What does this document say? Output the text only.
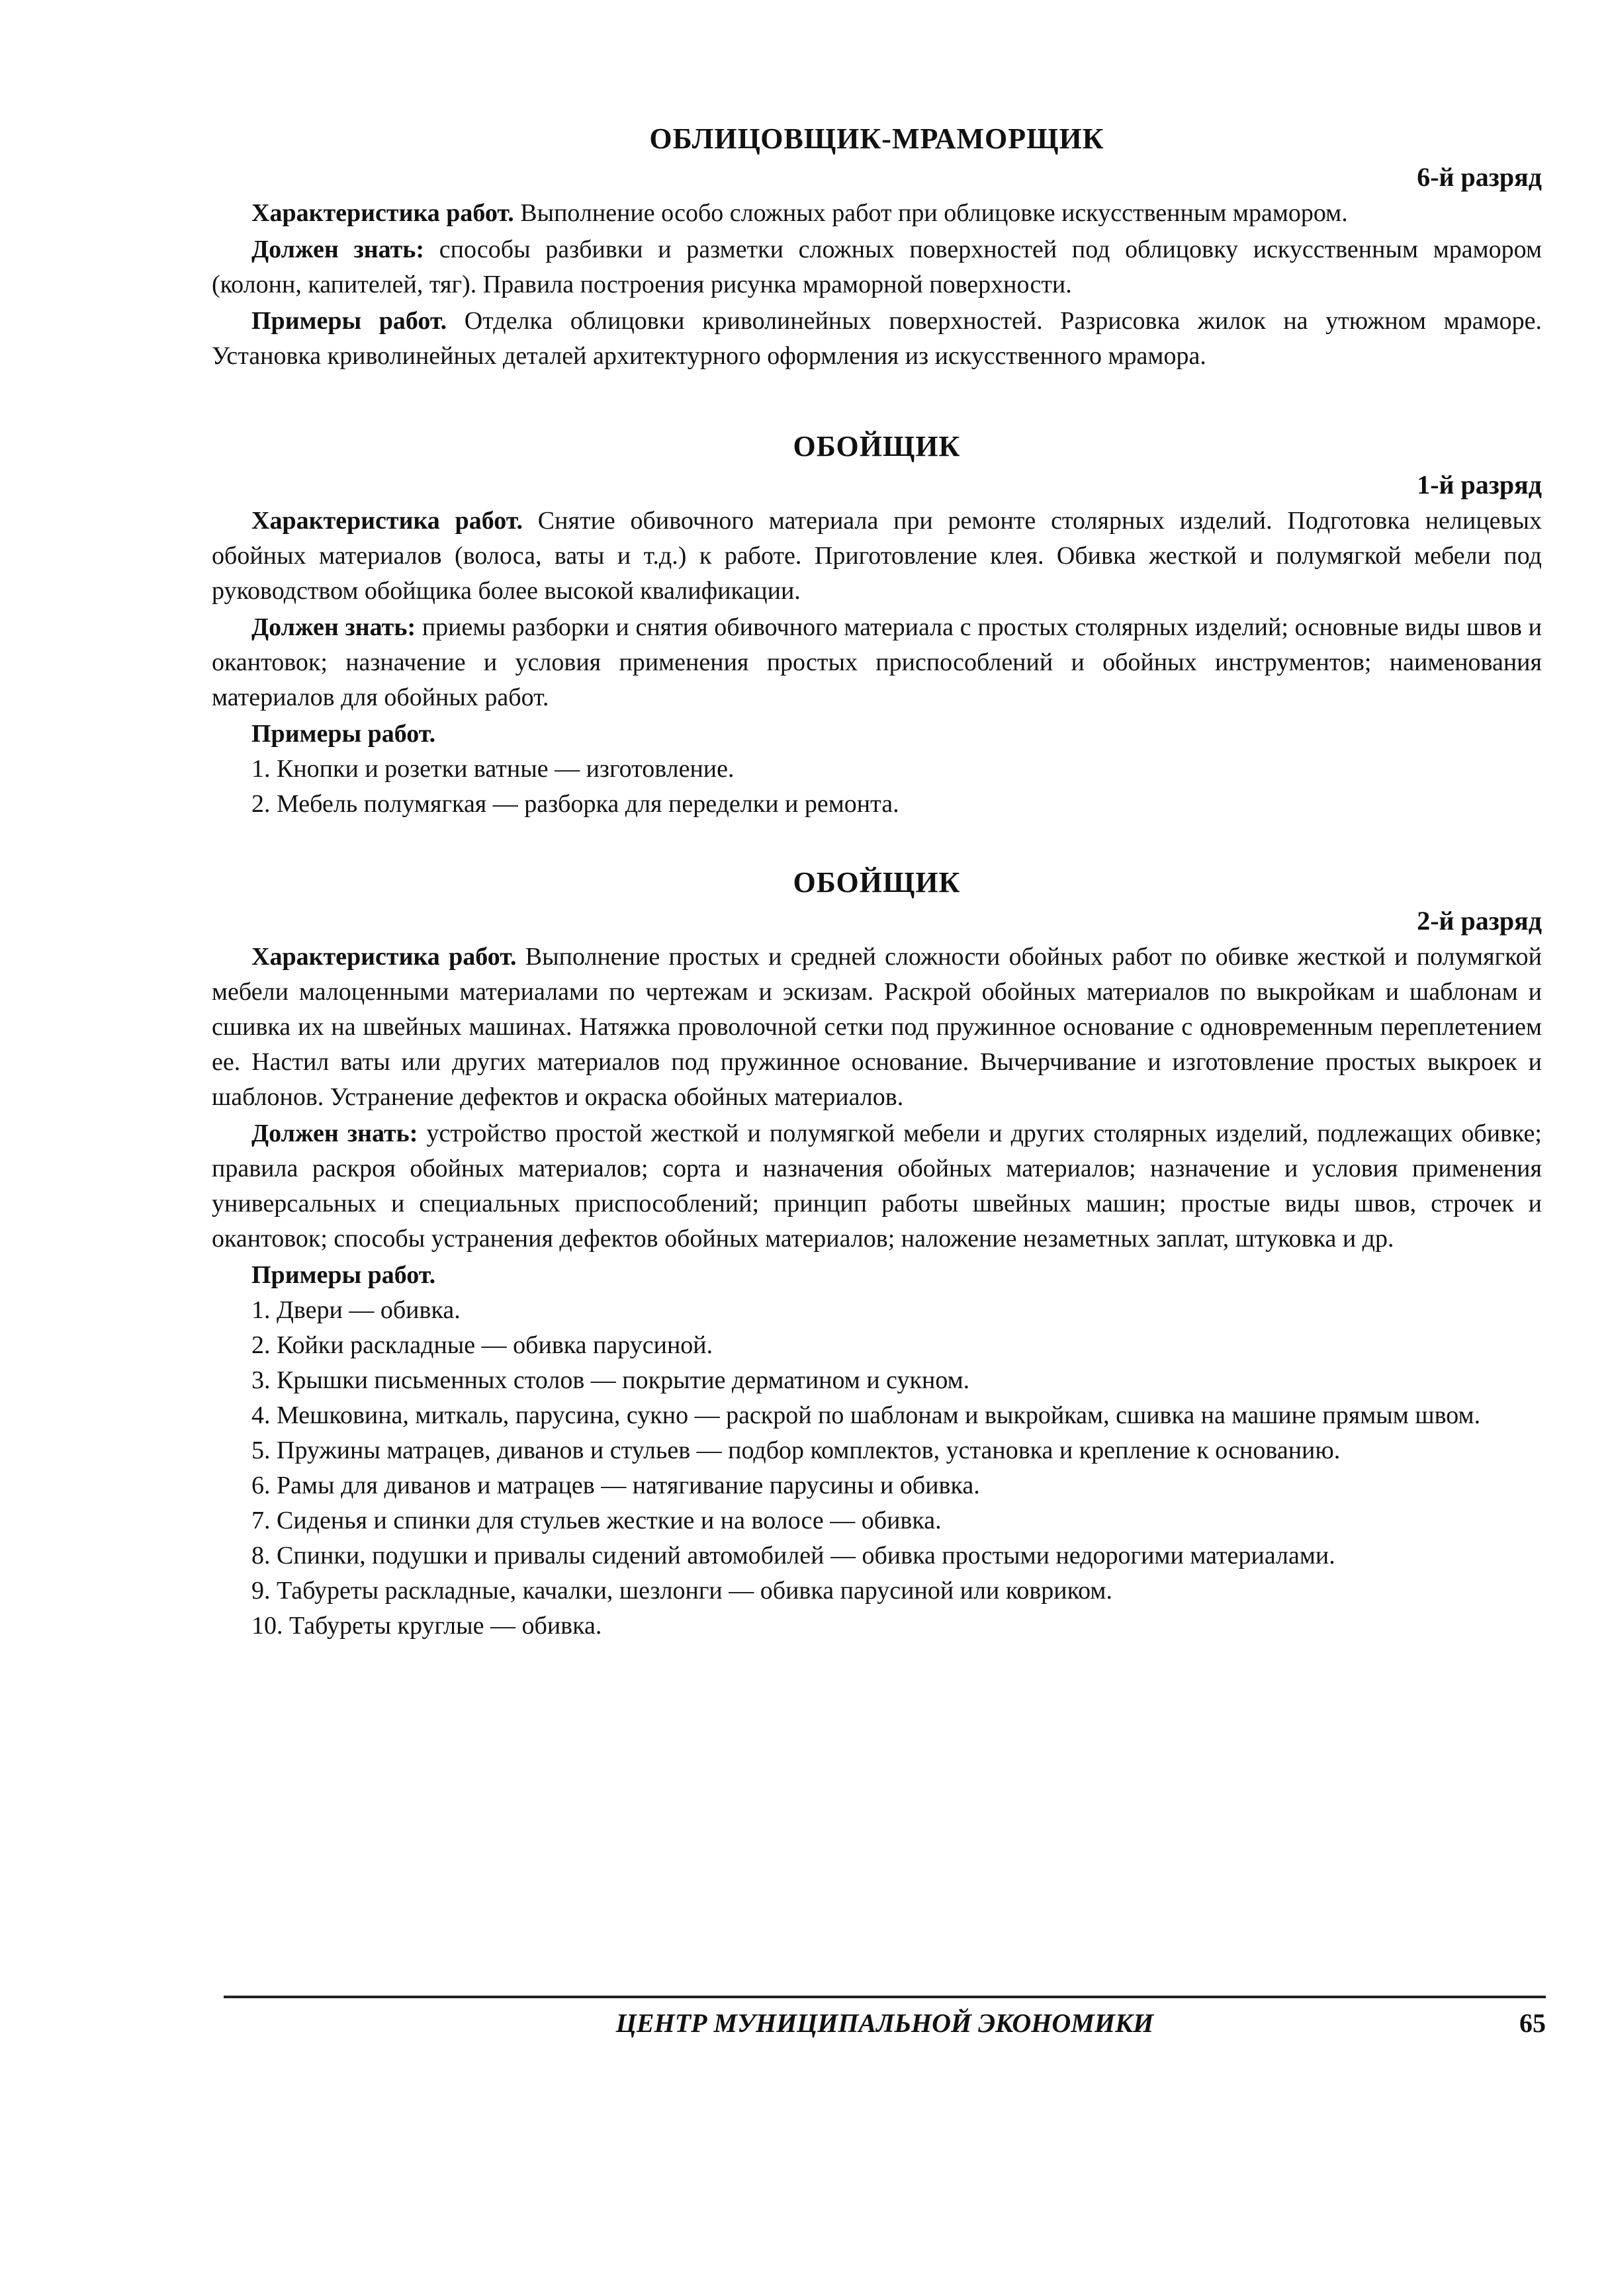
ОБЛИЦОВЩИК-МРАМОРЩИК

6-й разряд

Характеристика работ. Выполнение особо сложных работ при облицовке искусственным мрамором.

Должен знать: способы разбивки и разметки сложных поверхностей под облицовку искусственным мрамором (колонн, капителей, тяг). Правила построения рисунка мраморной поверхности.

Примеры работ. Отделка облицовки криволинейных поверхностей. Разрисовка жилок на утюжном мраморе. Установка криволинейных деталей архитектурного оформления из искусственного мрамора.

ОБОЙЩИК

1-й разряд

Характеристика работ. Снятие обивочного материала при ремонте столярных изделий. Подготовка нелицевых обойных материалов (волоса, ваты и т.д.) к работе. Приготовление клея. Обивка жесткой и полумягкой мебели под руководством обойщика более высокой квалификации.

Должен знать: приемы разборки и снятия обивочного материала с простых столярных изделий; основные виды швов и окантовок; назначение и условия применения простых приспособлений и обойных инструментов; наименования материалов для обойных работ.

Примеры работ.

1. Кнопки и розетки ватные — изготовление.
2. Мебель полумягкая — разборка для переделки и ремонта.

ОБОЙЩИК

2-й разряд

Характеристика работ. Выполнение простых и средней сложности обойных работ по обивке жесткой и полумягкой мебели малоценными материалами по чертежам и эскизам. Раскрой обойных материалов по выкройкам и шаблонам и сшивка их на швейных машинах. Натяжка проволочной сетки под пружинное основание с одновременным переплетением ее. Настил ваты или других материалов под пружинное основание. Вычерчивание и изготовление простых выкроек и шаблонов. Устранение дефектов и окраска обойных материалов.

Должен знать: устройство простой жесткой и полумягкой мебели и других столярных изделий, подлежащих обивке; правила раскроя обойных материалов; сорта и назначения обойных материалов; назначение и условия применения универсальных и специальных приспособлений; принцип работы швейных машин; простые виды швов, строчек и окантовок; способы устранения дефектов обойных материалов; наложение незаметных заплат, штуковка и др.

Примеры работ.

1. Двери — обивка.
2. Койки раскладные — обивка парусиной.
3. Крышки письменных столов — покрытие дерматином и сукном.
4. Мешковина, миткаль, парусина, сукно — раскрой по шаблонам и выкройкам, сшивка на машине прямым швом.
5. Пружины матрацев, диванов и стульев — подбор комплектов, установка и крепление к основанию.
6. Рамы для диванов и матрацев — натягивание парусины и обивка.
7. Сиденья и спинки для стульев жесткие и на волосе — обивка.
8. Спинки, подушки и привалы сидений автомобилей — обивка простыми недорогими материалами.
9. Табуреты раскладные, качалки, шезлонги — обивка парусиной или ковриком.
10. Табуреты круглые — обивка.
ЦЕНТР МУНИЦИПАЛЬНОЙ ЭКОНОМИКИ	65
